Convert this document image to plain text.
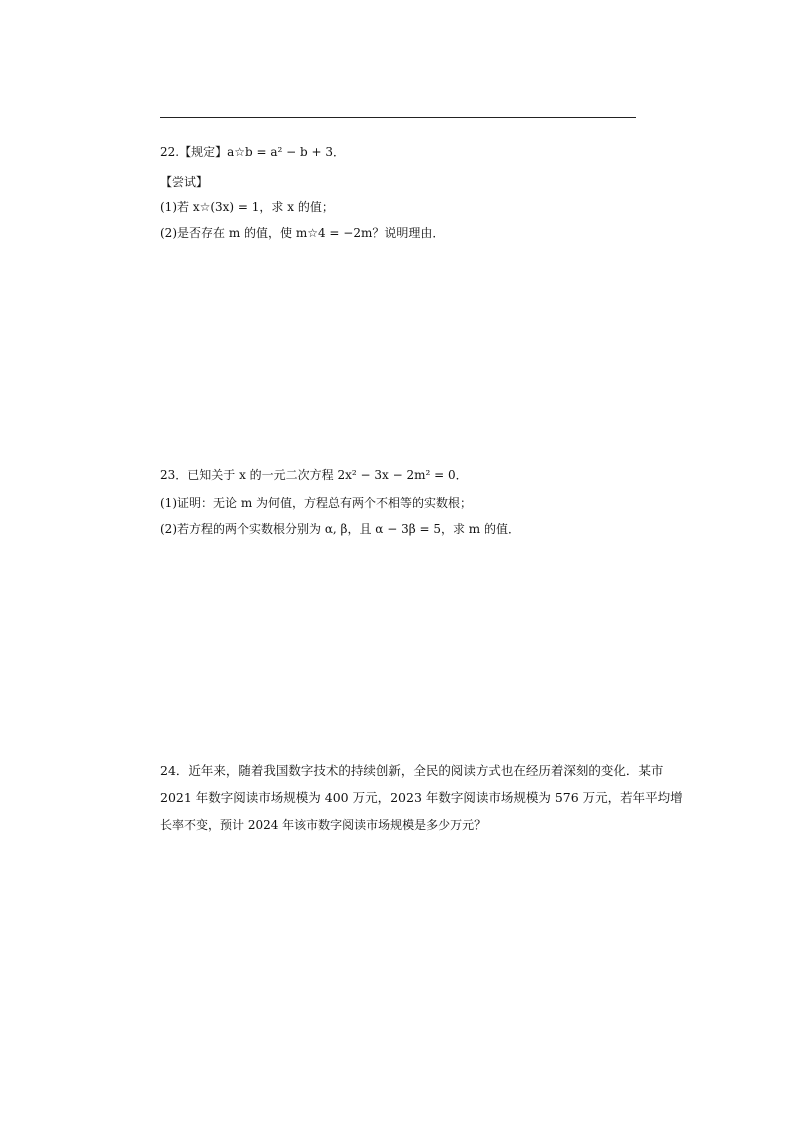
22.【规定】a☆b = a² − b + 3．
【尝试】
(1)若 x☆(3x) = 1，求 x 的值；
(2)是否存在 m 的值，使 m☆4 = −2m？说明理由．
23．已知关于 x 的一元二次方程 2x² − 3x − 2m² = 0．
(1)证明：无论 m 为何值，方程总有两个不相等的实数根；
(2)若方程的两个实数根分别为 α, β，且 α − 3β = 5，求 m 的值．
24．近年来，随着我国数字技术的持续创新，全民的阅读方式也在经历着深刻的变化．某市
2021 年数字阅读市场规模为 400 万元，2023 年数字阅读市场规模为 576 万元，若年平均增
长率不变，预计 2024 年该市数字阅读市场规模是多少万元？
